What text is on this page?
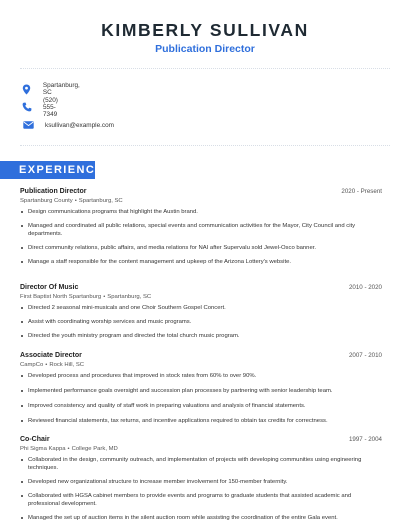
KIMBERLY SULLIVAN
Publication Director
Spartanburg, SC
(520) 555-7349
ksullivan@example.com
EXPERIENCE
Publication Director	2020 - Present
Spartanburg County • Spartanburg, SC
Design communications programs that highlight the Austin brand.
Managed and coordinated all public relations, special events and communication activities for the Mayor, City Council and city departments.
Direct community relations, public affairs, and media relations for NAI after Supervalu sold Jewel-Osco banner.
Manage a staff responsible for the content management and upkeep of the Arizona Lottery's website.
Director Of Music	2010 - 2020
First Baptist North Spartanburg • Spartanburg, SC
Directed 2 seasonal mini-musicals and one Choir Southern Gospel Concert.
Assist with coordinating worship services and music programs.
Directed the youth ministry program and directed the total church music program.
Associate Director	2007 - 2010
CampCo • Rock Hill, SC
Developed process and procedures that improved in stock rates from 60% to over 90%.
Implemented performance goals oversight and succession plan processes by partnering with senior leadership team.
Improved consistency and quality of staff work in preparing valuations and analysis of financial statements.
Reviewed financial statements, tax returns, and incentive applications required to obtain tax credits for correctness.
Co-Chair	1997 - 2004
Phi Sigma Kappa • College Park, MD
Collaborated in the design, community outreach, and implementation of projects with developing communities using engineering techniques.
Developed new organizational structure to increase member involvement for 150-member fraternity.
Collaborated with HGSA cabinet members to provide events and programs to graduate students that assisted academic and professional development.
Managed the set up of auction items in the silent auction room while assisting the coordination of the entire Gala event.
